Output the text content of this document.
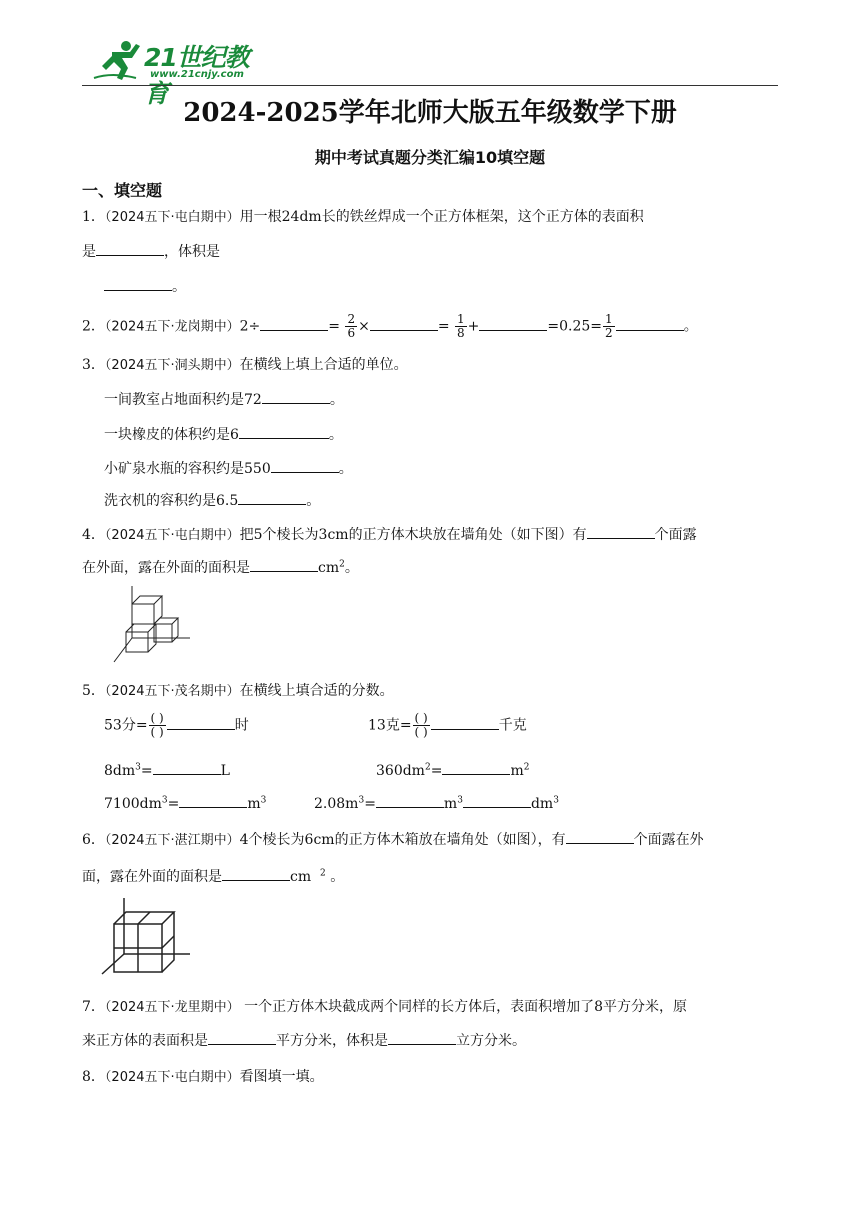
21世纪教育
www.21cnjy.com
2024-2025学年北师大版五年级数学下册
期中考试真题分类汇编10填空题
一、填空题
1．（2024五下·屯白期中）用一根24dm长的铁丝焊成一个正方体框架，这个正方体的表面积
是	，体积是
。
2．（2024五下·龙岗期中）2÷	= $\frac{2}{6}$ ×	= $\frac{1}{8}$ +	$=0.25= \frac{1}{2}$	。
3．（2024五下·洞头期中）在横线上填上合适的单位。
一间教室占地面积约是72	。
一块橡皮的体积约是6	。
小矿泉水瓶的容积约是550	。
洗衣机的容积约是6.5	。
4．（2024五下·屯白期中）把5个棱长为3cm的正方体木块放在墙角处（如下图）有	个面露
在外面，露在外面的面积是	$cm^2$。
5．（2024五下·茂名期中）在横线上填合适的分数。
53分= $\frac{( )}{( )}$	时	13克= $\frac{( )}{( )}$	千克
$8dm^3=$	L	$360dm^2=$	$m^2$
$7100dm^3=$	$m^3$	$2.08m^3=$	$m^3$	$dm^3$
6．（2024五下·湛江期中）4个棱长为6cm的正方体木箱放在墙角处（如图），有	个面露在外
面，露在外面的面积是	cm $^2$ 。
7．（2024五下·龙里期中） 一个正方体木块截成两个同样的长方体后，表面积增加了8平方分米，原
来正方体的表面积是	平方分米，体积是	立方分米。
8．（2024五下·屯白期中）看图填一填。
